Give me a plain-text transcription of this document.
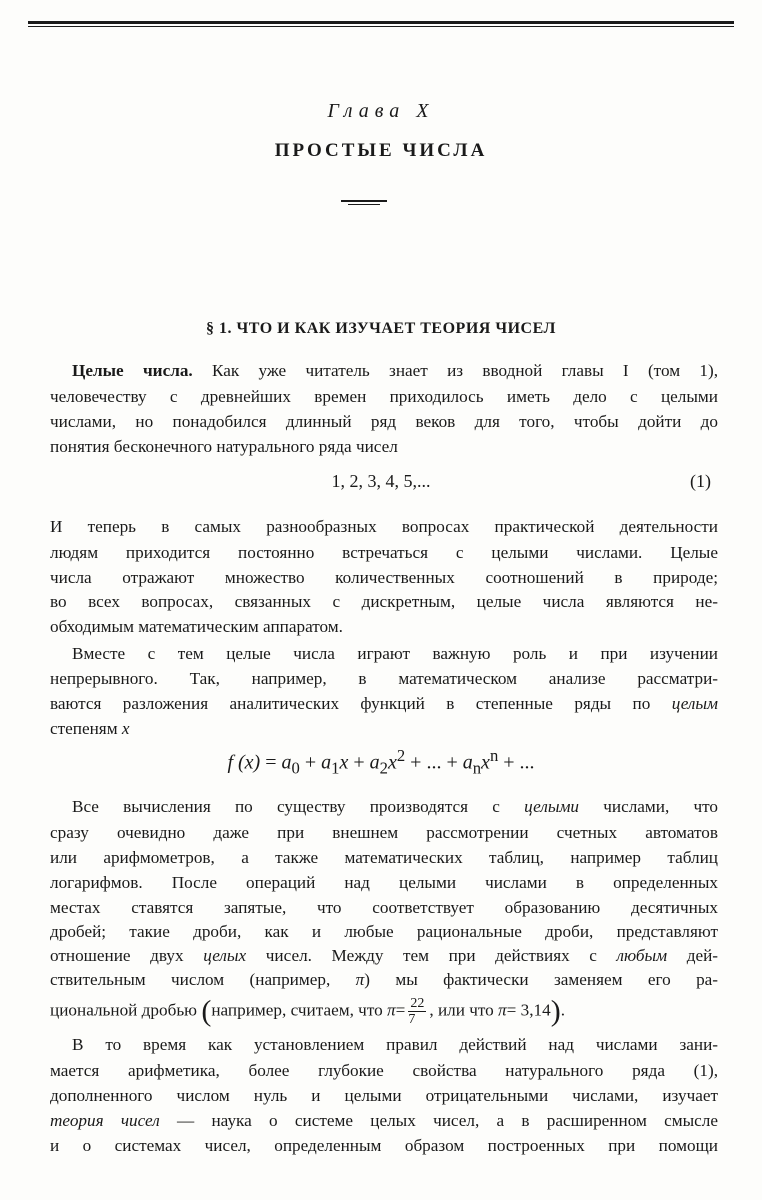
Глава X
ПРОСТЫЕ ЧИСЛА
§ 1. ЧТО И КАК ИЗУЧАЕТ ТЕОРИЯ ЧИСЕЛ
Целые числа. Как уже читатель знает из вводной главы I (том 1),
человечеству с древнейших времен приходилось иметь дело с целыми
числами, но понадобился длинный ряд веков для того, чтобы дойти до
понятия бесконечного натурального ряда чисел
1, 2, 3, 4, 5,...	(1)
И теперь в самых разнообразных вопросах практической деятельности
людям приходится постоянно встречаться с целыми числами. Целые
числа отражают множество количественных соотношений в природе;
во всех вопросах, связанных с дискретным, целые числа являются не-
обходимым математическим аппаратом.
Вместе с тем целые числа играют важную роль и при изучении
непрерывного. Так, например, в математическом анализе рассматри-
ваются разложения аналитических функций в степенные ряды по целым
степеням x
f $(x) = a_0 + a_1x + a_2x^2$ + ... + $a_nx^n$ + ...
Все вычисления по существу производятся с целыми числами, что
сразу очевидно даже при внешнем рассмотрении счетных автоматов
или арифмометров, а также математических таблиц, например таблиц
логарифмов. После операций над целыми числами в определенных
местах ставятся запятые, что соответствует образованию десятичных
дробей; такие дроби, как и любые рациональные дроби, представляют
отношение двух целых чисел. Между тем при действиях с любым дей-
ствительным числом (например, π) мы фактически заменяем его ра-
циональной дробью (например, считаем, что $\pi= \frac{22}{7}$ , или что π= 3,14).
В то время как установлением правил действий над числами зани-
мается арифметика, более глубокие свойства натурального ряда (1),
дополненного числом нуль и целыми отрицательными числами, изучает
теория чисел — наука о системе целых чисел, а в расширенном смысле
и о системах чисел, определенным образом построенных при помощи
